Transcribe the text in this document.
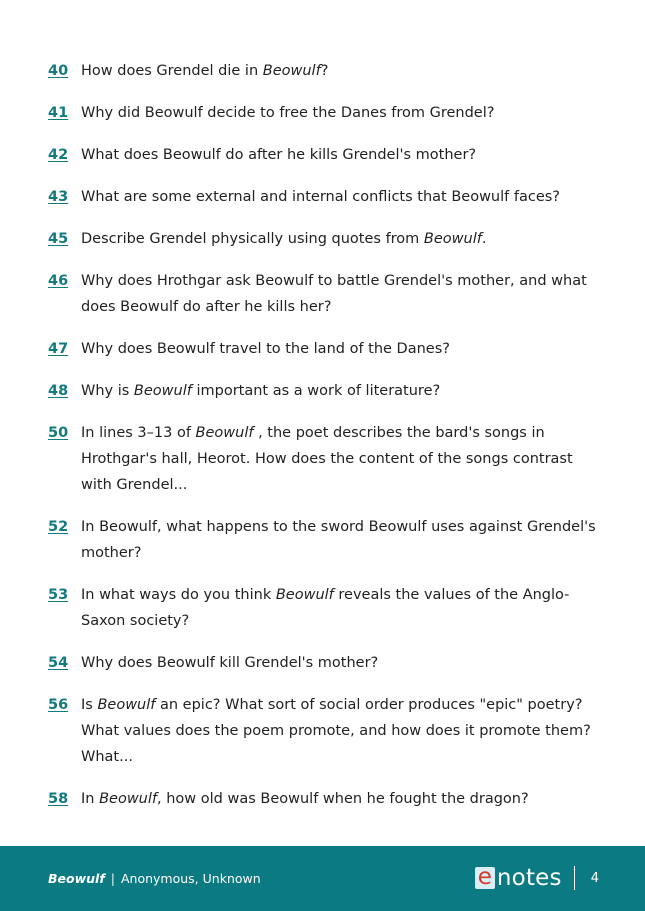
40 How does Grendel die in Beowulf?
41 Why did Beowulf decide to free the Danes from Grendel?
42 What does Beowulf do after he kills Grendel's mother?
43 What are some external and internal conflicts that Beowulf faces?
45 Describe Grendel physically using quotes from Beowulf.
46 Why does Hrothgar ask Beowulf to battle Grendel's mother, and what does Beowulf do after he kills her?
47 Why does Beowulf travel to the land of the Danes?
48 Why is Beowulf important as a work of literature?
50 In lines 3–13 of Beowulf , the poet describes the bard's songs in Hrothgar's hall, Heorot. How does the content of the songs contrast with Grendel...
52 In Beowulf, what happens to the sword Beowulf uses against Grendel's mother?
53 In what ways do you think Beowulf reveals the values of the Anglo-Saxon society?
54 Why does Beowulf kill Grendel's mother?
56 Is Beowulf an epic? What sort of social order produces "epic" poetry? What values does the poem promote, and how does it promote them? What...
58 In Beowulf, how old was Beowulf when he fought the dragon?
Beowulf | Anonymous, Unknown	e notes 4
